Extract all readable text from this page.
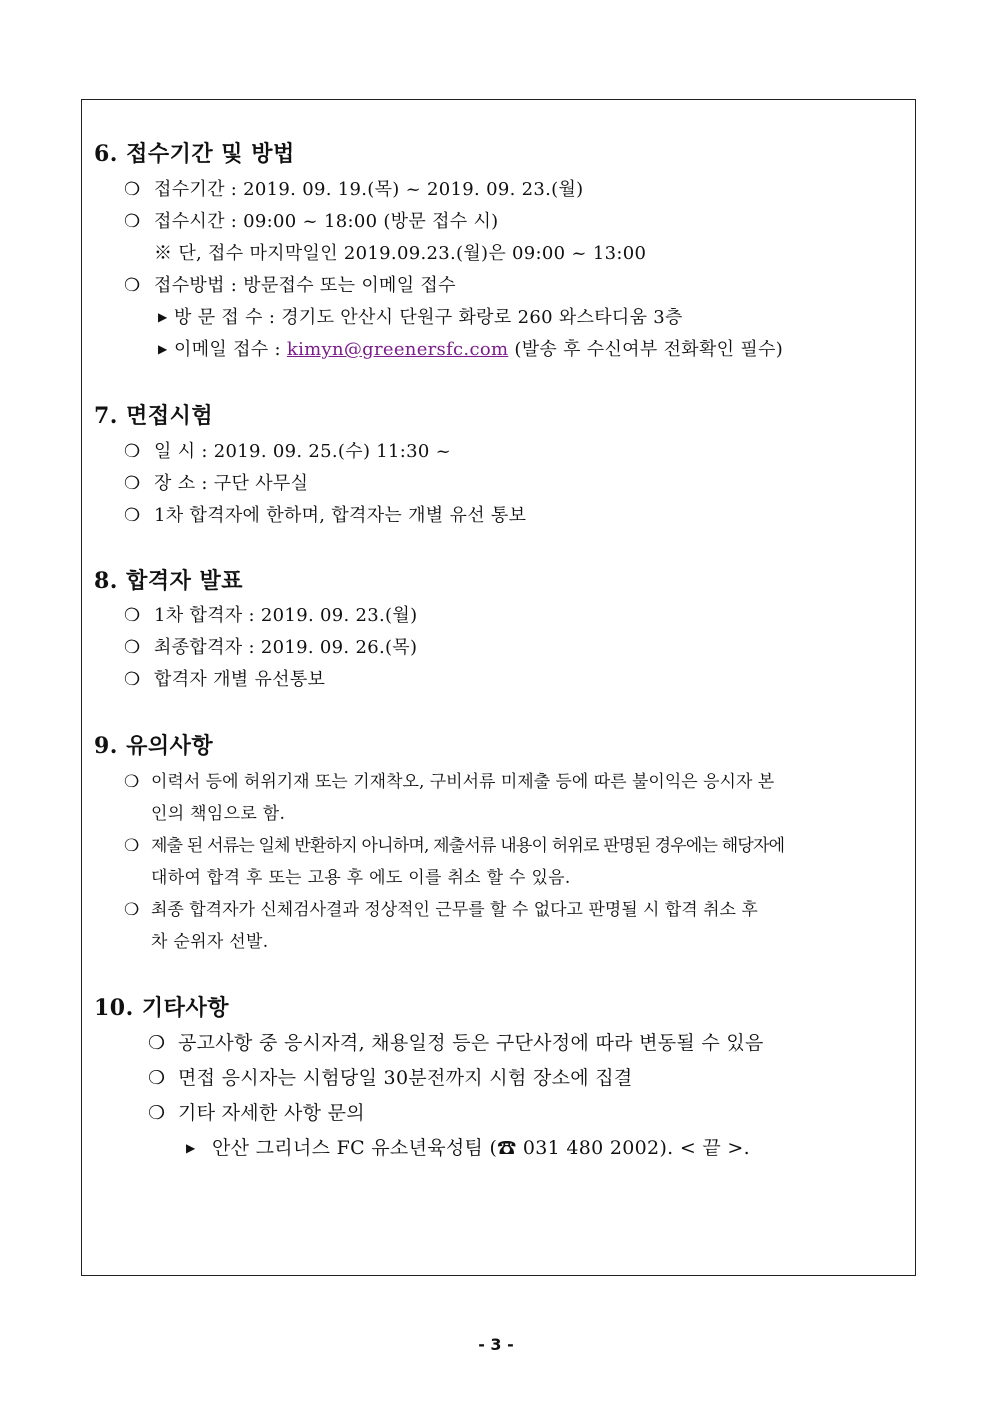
6. 접수기간 및 방법
❍ 접수기간 : 2019. 09. 19.(목) ~ 2019. 09. 23.(월)
❍ 접수시간 : 09:00 ~ 18:00 (방문 접수 시)
※ 단, 접수 마지막일인 2019.09.23.(월)은 09:00 ~ 13:00
❍ 접수방법 : 방문접수 또는 이메일 접수
▶ 방 문 접 수 : 경기도 안산시 단원구 화랑로 260 와스타디움 3층
▶ 이메일 접수 : kimyn@greenersfc.com (발송 후 수신여부 전화확인 필수)
7. 면접시험
❍ 일 시 : 2019. 09. 25.(수) 11:30 ~
❍ 장 소 : 구단 사무실
❍ 1차 합격자에 한하며, 합격자는 개별 유선 통보
8. 합격자 발표
❍ 1차 합격자 : 2019. 09. 23.(월)
❍ 최종합격자 : 2019. 09. 26.(목)
❍ 합격자 개별 유선통보
9. 유의사항
❍ 이력서 등에 허위기재 또는 기재착오, 구비서류 미제출 등에 따른 불이익은 응시자 본
인의 책임으로 함.
❍ 제출 된 서류는 일체 반환하지 아니하며, 제출서류 내용이 허위로 판명된 경우에는 해당자에
대하여 합격 후 또는 고용 후 에도 이를 취소 할 수 있음.
❍ 최종 합격자가 신체검사결과 정상적인 근무를 할 수 없다고 판명될 시 합격 취소 후
차 순위자 선발.
10. 기타사항
❍ 공고사항 중 응시자격, 채용일정 등은 구단사정에 따라 변동될 수 있음
❍ 면접 응시자는 시험당일 30분전까지 시험 장소에 집결
❍ 기타 자세한 사항 문의
▶ 안산 그리너스 FC 유소년육성팀 (☎ 031 480 2002). < 끝 >.
- 3 -
